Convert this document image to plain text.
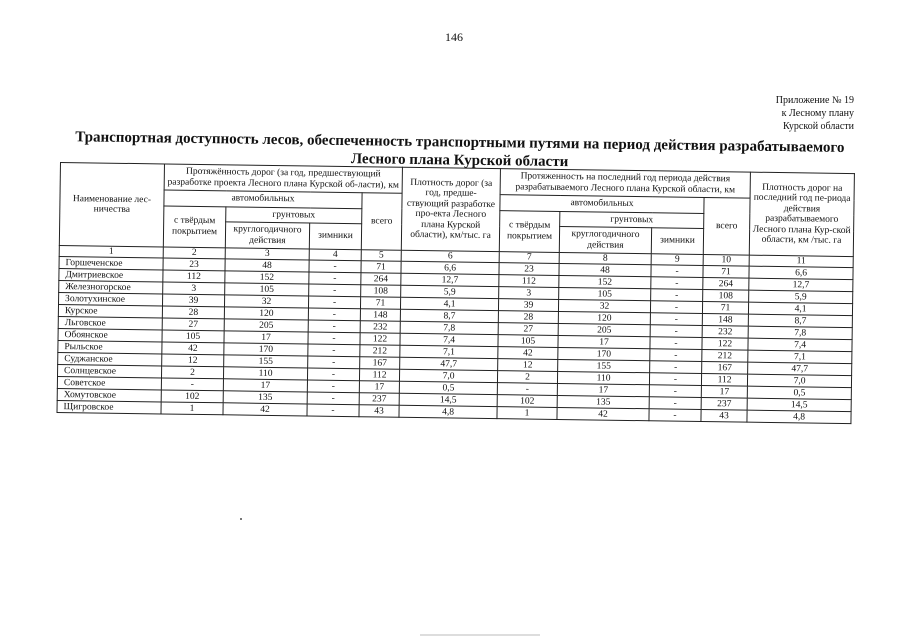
146
Приложение № 19
к Лесному плану
Курской области
Транспортная доступность лесов, обеспеченность транспортными путями на период действия разрабатываемого Лесного плана Курской области
Наименование лес-ничества	Протяжённость дорог (за год, предшествующий разработке проекта Лесного плана Курской об-ласти), км				Плотность дорог (за год, предше-ствующий разработке про-екта Лесного плана Курской области), км/тыс. га	Протяженность на последний год периода действия разрабатываемого Лесного плана Курской области, км				Плотность дорог на последний год пе-риода действия разрабатываемого Лесного плана Кур-ской области, км /тыс. га
	автомобильных			всего		автомобильных			всего	
	с твёрдым покрытием	грунтовых				с твёрдым покрытием	грунтовых			
		круглогодичного действия	зимники				круглогодичного действия	зимники		
1	2	3	4	5	6	7	8	9	10	11
Горшеченское	23	48	-	71	6,6	23	48	-	71	6,6
Дмитриевское	112	152	-	264	12,7	112	152	-	264	12,7
Железногорское	3	105	-	108	5,9	3	105	-	108	5,9
Золотухинское	39	32	-	71	4,1	39	32	-	71	4,1
Курское	28	120	-	148	8,7	28	120	-	148	8,7
Льговское	27	205	-	232	7,8	27	205	-	232	7,8
Обоянское	105	17	-	122	7,4	105	17	-	122	7,4
Рыльское	42	170	-	212	7,1	42	170	-	212	7,1
Суджанское	12	155	-	167	47,7	12	155	-	167	47,7
Солнцевское	2	110	-	112	7,0	2	110	-	112	7,0
Советское	-	17	-	17	0,5	-	17	-	17	0,5
Хомутовское	102	135	-	237	14,5	102	135	-	237	14,5
Щигровское	1	42	-	43	4,8	1	42	-	43	4,8
